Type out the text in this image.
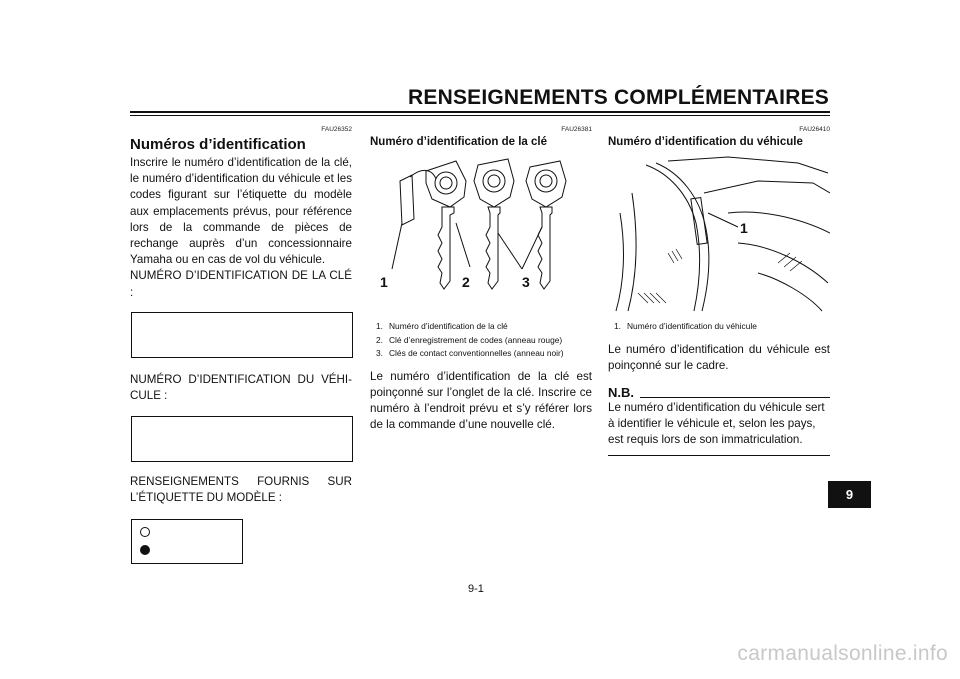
RENSEIGNEMENTS COMPLÉMENTAIRES
FAU26352
Numéros d’identification

Inscrire le numéro d’identification de la clé, le numéro d’identification du véhicule et les codes figurant sur l’étiquette du modèle aux emplacements prévus, pour référence lors de la commande de pièces de rechange auprès d’un concessionnaire Yamaha ou en cas de vol du véhicule.

NUMÉRO D’IDENTIFICATION DE LA CLÉ :

NUMÉRO D’IDENTIFICATION DU VÉHI-CULE :

RENSEIGNEMENTS FOURNIS SUR L’ÉTIQUETTE DU MODÈLE :

FAU26381
Numéro d’identification de la clé
1	2	3
1. Numéro d’identification de la clé
2. Clé d’enregistrement de codes (anneau rouge)
3. Clés de contact conventionnelles (anneau noir)

Le numéro d’identification de la clé est poinçonné sur l’onglet de la clé. Inscrire ce numéro à l’endroit prévu et s’y référer lors de la commande d’une nouvelle clé.

FAU26410
Numéro d’identification du véhicule
1
1. Numéro d’identification du véhicule

Le numéro d’identification du véhicule est poinçonné sur le cadre.

N.B.

Le numéro d’identification du véhicule sert à identifier le véhicule et, selon les pays, est requis lors de son immatriculation.

9-1
9
carmanualsonline.info
